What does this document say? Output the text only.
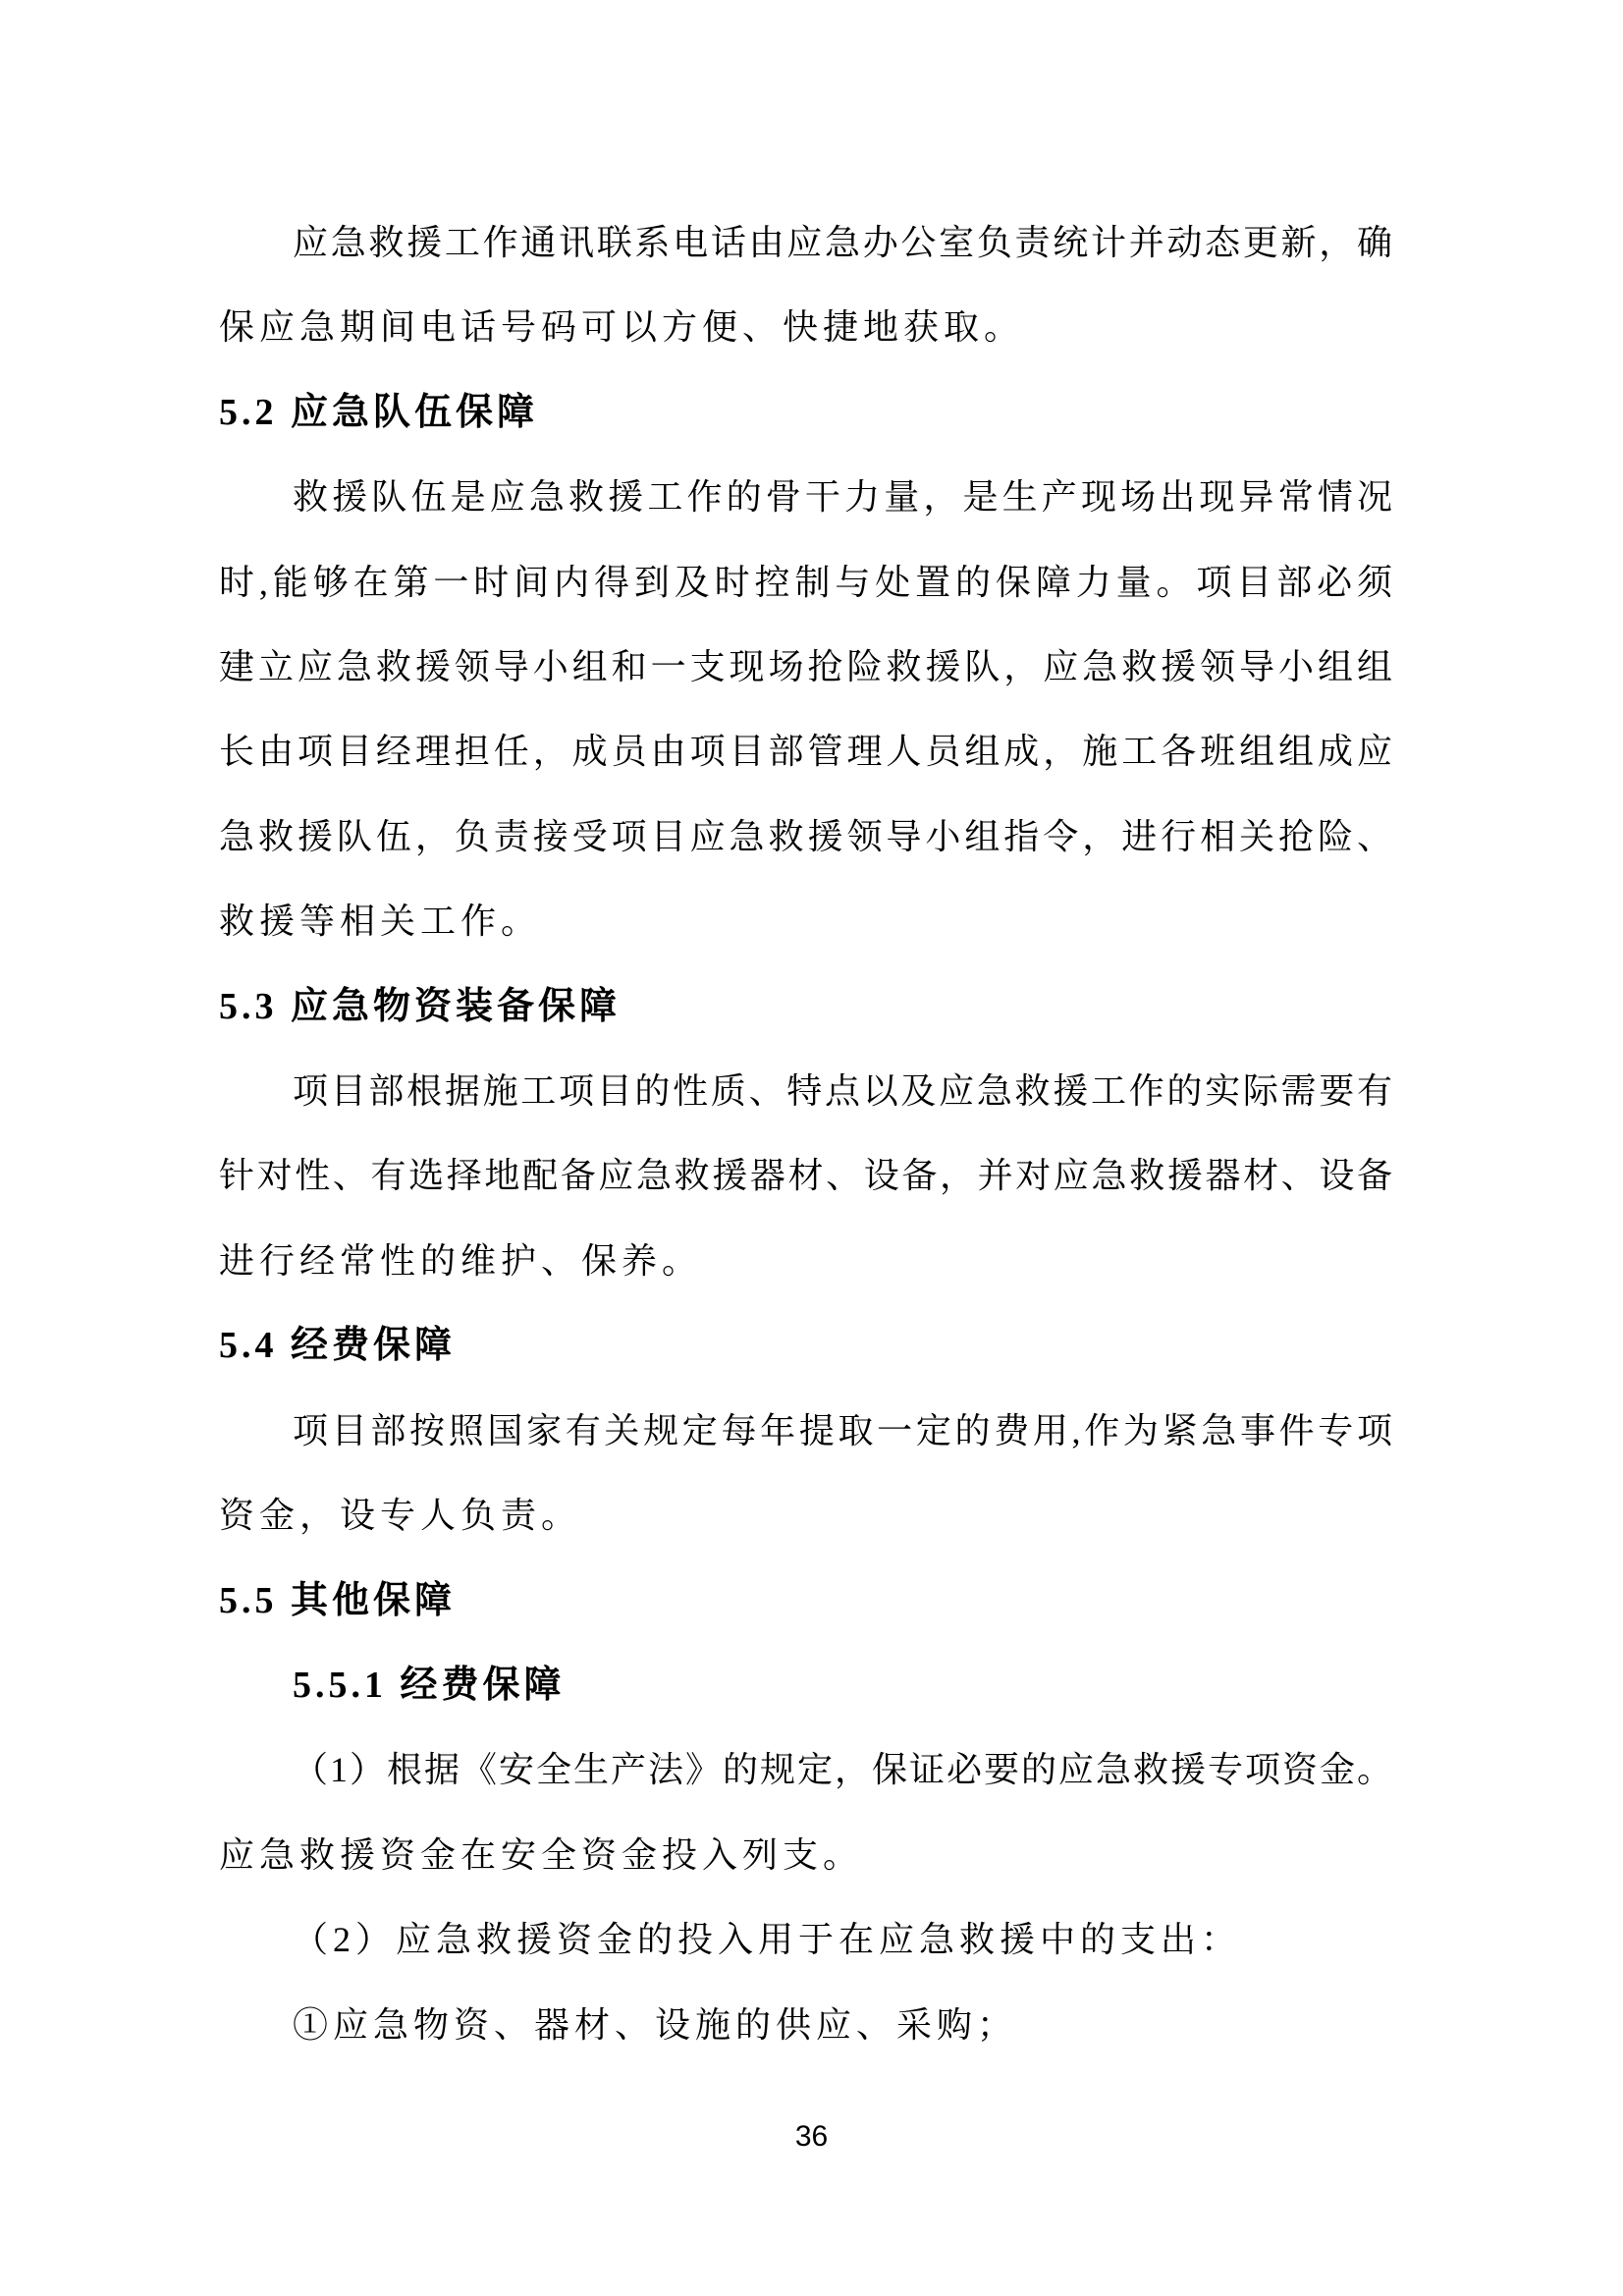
应急救援工作通讯联系电话由应急办公室负责统计并动态更新，确
保应急期间电话号码可以方便、快捷地获取。
5.2 应急队伍保障
救援队伍是应急救援工作的骨干力量，是生产现场出现异常情况
时,能够在第一时间内得到及时控制与处置的保障力量。项目部必须
建立应急救援领导小组和一支现场抢险救援队，应急救援领导小组组
长由项目经理担任，成员由项目部管理人员组成，施工各班组组成应
急救援队伍，负责接受项目应急救援领导小组指令，进行相关抢险、
救援等相关工作。
5.3 应急物资装备保障
项目部根据施工项目的性质、特点以及应急救援工作的实际需要有
针对性、有选择地配备应急救援器材、设备，并对应急救援器材、设备
进行经常性的维护、保养。
5.4 经费保障
项目部按照国家有关规定每年提取一定的费用,作为紧急事件专项
资金，设专人负责。
5.5 其他保障
5.5.1 经费保障
（1）根据《安全生产法》的规定，保证必要的应急救援专项资金。
应急救援资金在安全资金投入列支。
（2）应急救援资金的投入用于在应急救援中的支出：
①应急物资、器材、设施的供应、采购；
36
